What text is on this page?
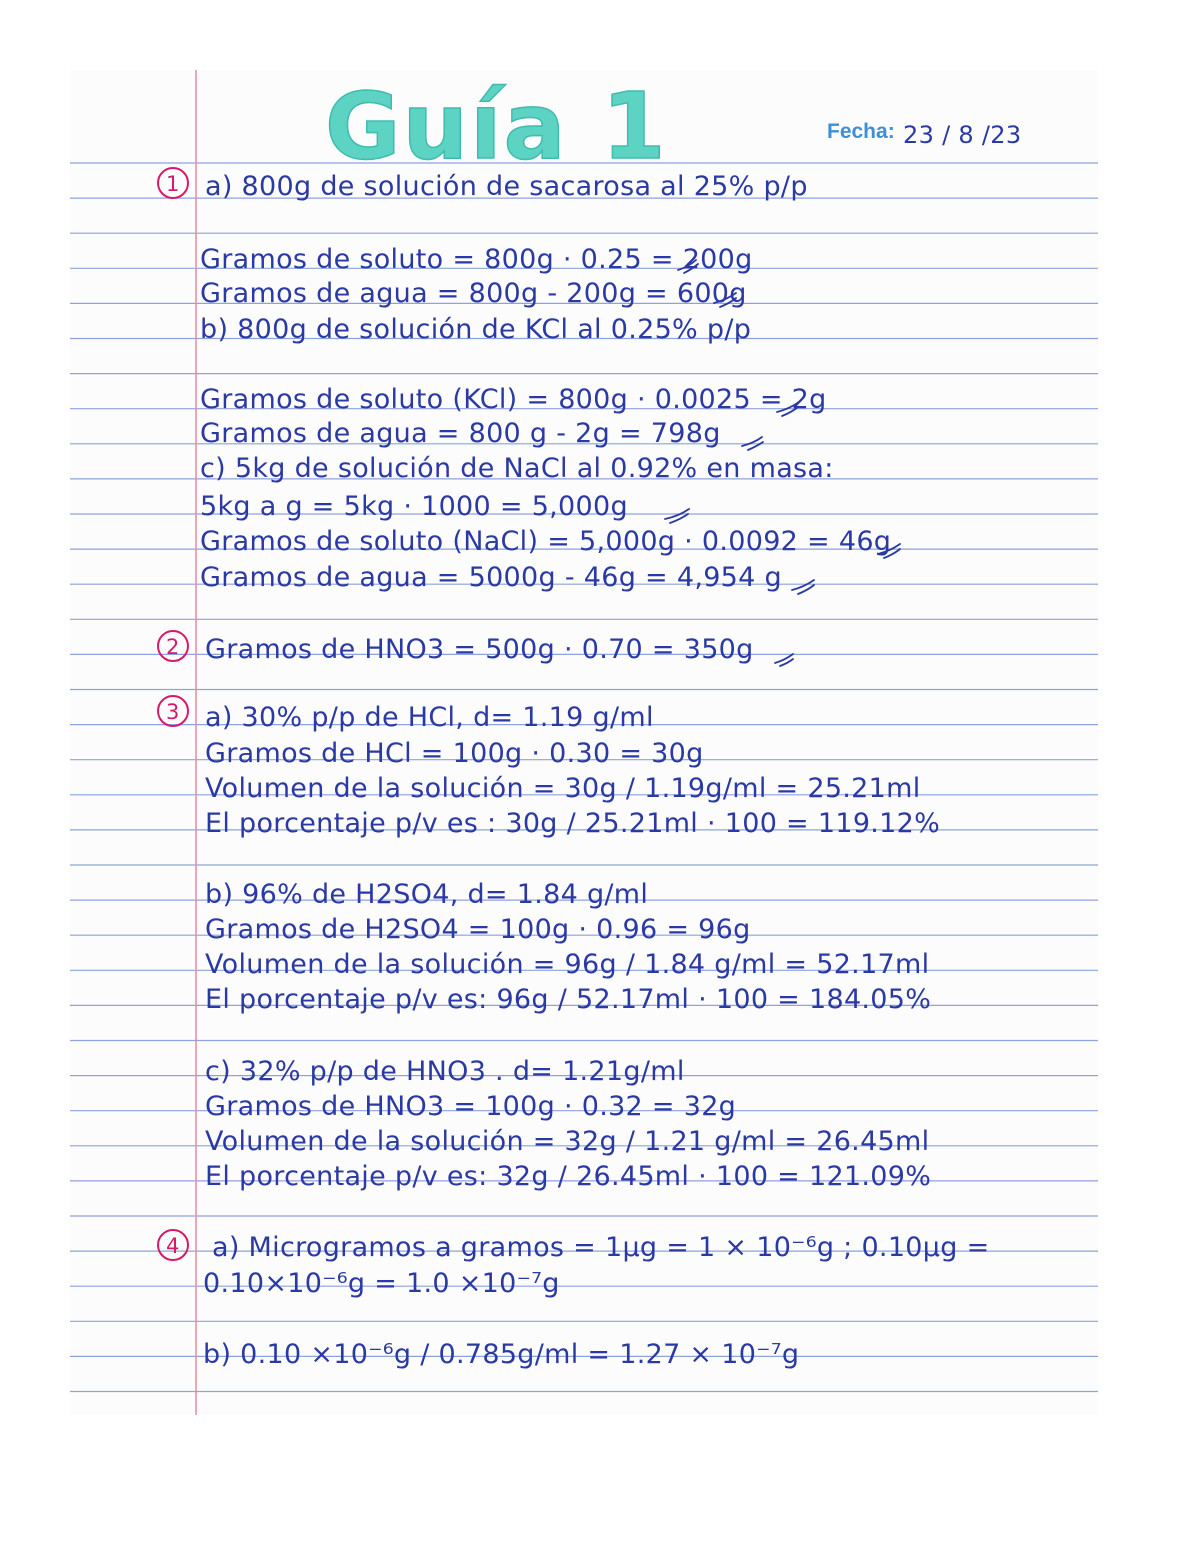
Guía 1	Fecha: 23 / 8 /23
1
2
3
4
a) 800g de solución de sacarosa al 25% p/p
Gramos de soluto = 800g · 0.25 = 200g
Gramos de agua = 800g - 200g = 600g
b) 800g de solución de KCl al 0.25% p/p
Gramos de soluto (KCl) = 800g · 0.0025 = 2g
Gramos de agua = 800 g - 2g = 798g
c) 5kg de solución de NaCl al 0.92% en masa:
5kg a g = 5kg · 1000 = 5,000g
Gramos de soluto (NaCl) = 5,000g · 0.0092 = 46g
Gramos de agua = 5000g - 46g = 4,954 g
Gramos de HNO3 = 500g · 0.70 = 350g
a) 30% p/p de HCl, d= 1.19 g/ml
Gramos de HCl = 100g · 0.30 = 30g
Volumen de la solución = 30g / 1.19g/ml = 25.21ml
El porcentaje p/v es : 30g / 25.21ml · 100 = 119.12%
b) 96% de H2SO4, d= 1.84 g/ml
Gramos de H2SO4 = 100g · 0.96 = 96g
Volumen de la solución = 96g / 1.84 g/ml = 52.17ml
El porcentaje p/v es: 96g / 52.17ml · 100 = 184.05%
c) 32% p/p de HNO3 . d= 1.21g/ml
Gramos de HNO3 = 100g · 0.32 = 32g
Volumen de la solución = 32g / 1.21 g/ml = 26.45ml
El porcentaje p/v es: 32g / 26.45ml · 100 = 121.09%
a) Microgramos a gramos = 1µg = 1 × 10⁻⁶g ; 0.10µg =
0.10×10⁻⁶g = 1.0 ×10⁻⁷g
b) 0.10 ×10⁻⁶g / 0.785g/ml = 1.27 × 10⁻⁷g
